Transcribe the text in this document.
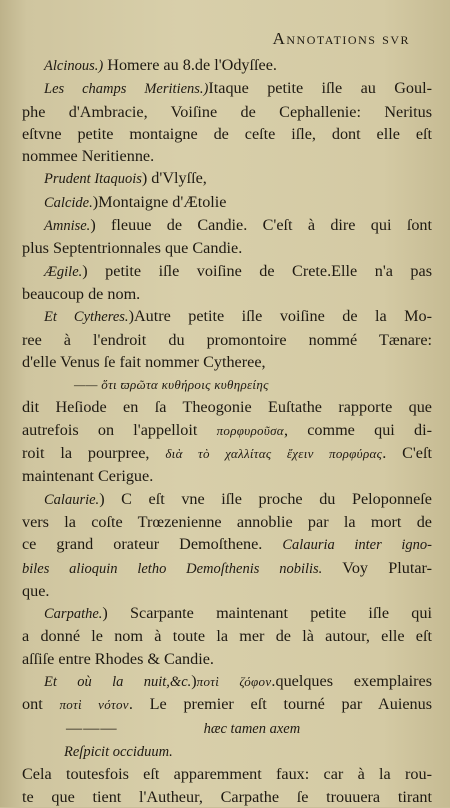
Annotations svr
Alcinous.) Homere au 8.de l'Odyſſee.
Les champs Meritiens.)Itaque petite iſle au Goul-
phe d'Ambracie, Voiſine de Cephallenie: Neritus
eſtvne petite montaigne de ceſte iſle, dont elle eſt
nommee Neritienne.
Prudent Itaquois) d'Vlyſſe,
Calcide.)Montaigne d'Ætolie
Amnise.) fleuue de Candie. C'eſt à dire qui ſont
plus Septentrionnales que Candie.
Ægile.) petite iſle voiſine de Crete.Elle n'a pas
beaucoup de nom.
Et Cytheres.)Autre petite iſle voiſine de la Mo-
ree à l'endroit du promontoire nommé Tænare:
d'elle Venus ſe fait nommer Cytheree,
—— ὅτι ϖρῶτα κυθήροις κυθηρείης
dit Heſiode en ſa Theogonie Euſtathe rapporte que
autrefois on l'appelloit πορφυροῦσα, comme qui di-
roit la pourpree, διὰ τὸ χαλλίτας ἔχειν πορφύρας. C'eſt
maintenant Cerigue.
Calaurie.) C eſt vne iſle proche du Peloponneſe
vers la coſte Trœzenienne annoblie par la mort de
ce grand orateur Demoſthene. Calauria inter igno-
biles alioquin letho Demoſthenis nobilis. Voy Plutar-
que.
Carpathe.) Scarpante maintenant petite iſle qui
a donné le nom à toute la mer de là autour, elle eſt
aſſiſe entre Rhodes & Candie.
Et où la nuit,&c.)ποτὶ ζόφον.quelques exemplaires
ont ποτὶ νότον. Le premier eſt tourné par Auienus
———	hæc tamen axem
Reſpicit occiduum.
Cela toutesfois eſt apparemment faux: car à la rou-
te que tient l'Autheur, Carpathe ſe trouuera tirant
